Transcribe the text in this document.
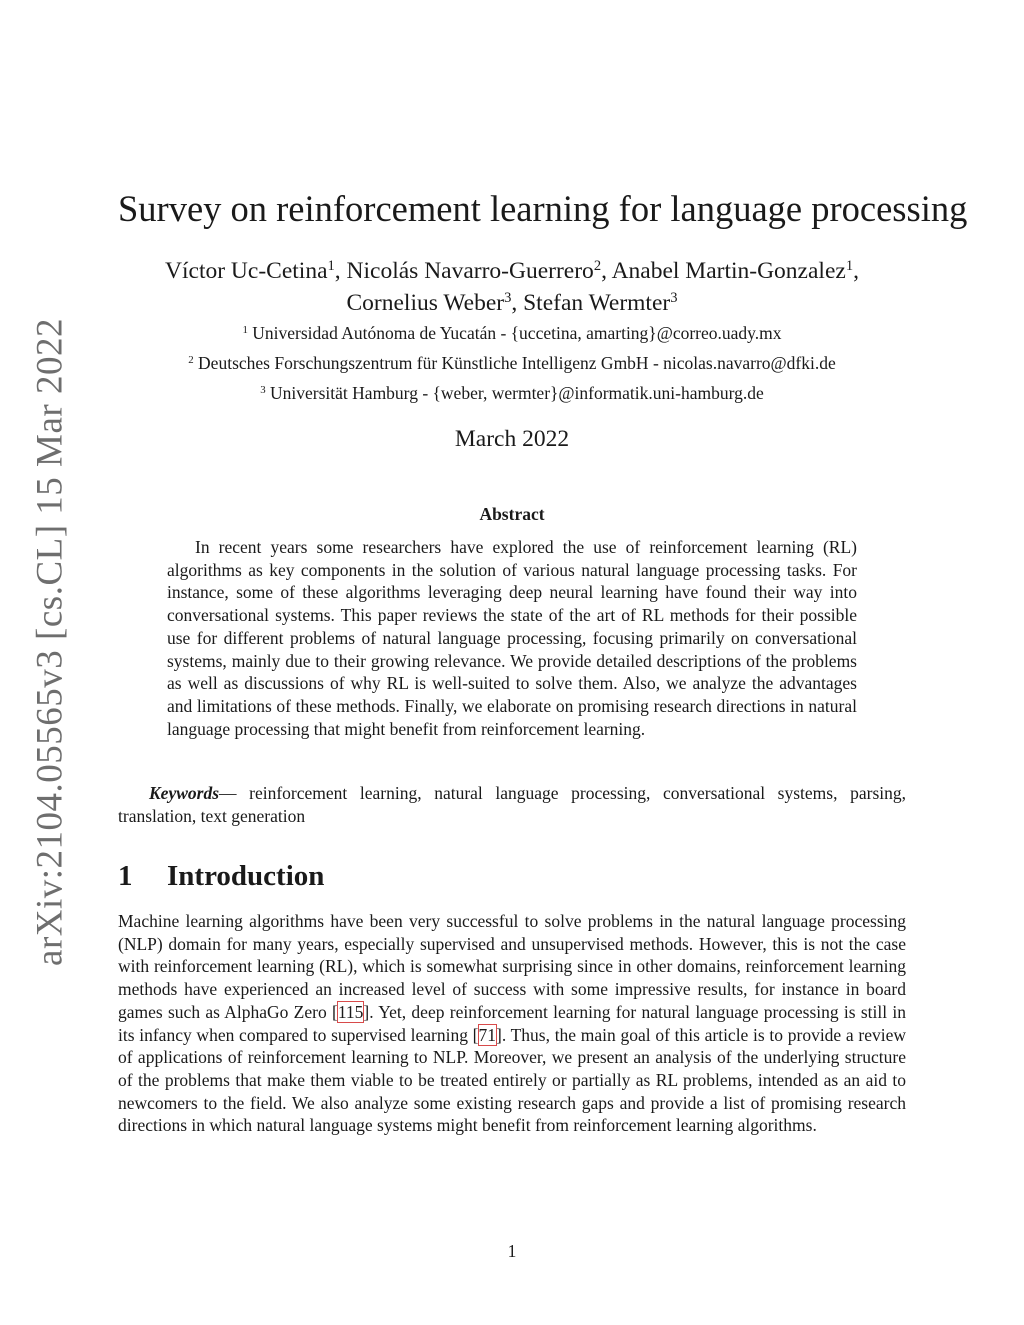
arXiv:2104.05565v3 [cs.CL] 15 Mar 2022
Survey on reinforcement learning for language processing
Víctor Uc-Cetina$^1$, Nicolás Navarro-Guerrero$^2$, Anabel Martin-Gonzalez$^1$,
Cornelius Weber$^3$, Stefan Wermter$^3$
$^1$ Universidad Autónoma de Yucatán - {uccetina, amarting}@correo.uady.mx
$^2$ Deutsches Forschungszentrum für Künstliche Intelligenz GmbH - nicolas.navarro@dfki.de
$^3$ Universität Hamburg - {weber, wermter}@informatik.uni-hamburg.de
March 2022
Abstract

In recent years some researchers have explored the use of reinforcement learning (RL) algorithms as key components in the solution of various natural language processing tasks. For instance, some of these algorithms leveraging deep neural learning have found their way into conversational systems. This paper reviews the state of the art of RL methods for their possible use for different problems of natural language processing, focusing primarily on conversational systems, mainly due to their growing relevance. We provide detailed descriptions of the problems as well as discussions of why RL is well-suited to solve them. Also, we analyze the advantages and limitations of these methods. Finally, we elaborate on promising research directions in natural language processing that might benefit from reinforcement learning.

Keywords— reinforcement learning, natural language processing, conversational systems, parsing, translation, text generation

1 Introduction

Machine learning algorithms have been very successful to solve problems in the natural language processing (NLP) domain for many years, especially supervised and unsupervised methods. However, this is not the case with reinforcement learning (RL), which is somewhat surprising since in other domains, reinforcement learning methods have experienced an increased level of success with some impressive results, for instance in board games such as AlphaGo Zero [115]. Yet, deep reinforcement learning for natural language processing is still in its infancy when compared to supervised learning [71]. Thus, the main goal of this article is to provide a review of applications of reinforcement learning to NLP. Moreover, we present an analysis of the underlying structure of the problems that make them viable to be treated entirely or partially as RL problems, intended as an aid to newcomers to the field. We also analyze some existing research gaps and provide a list of promising research directions in which natural language systems might benefit from reinforcement learning algorithms.

1
